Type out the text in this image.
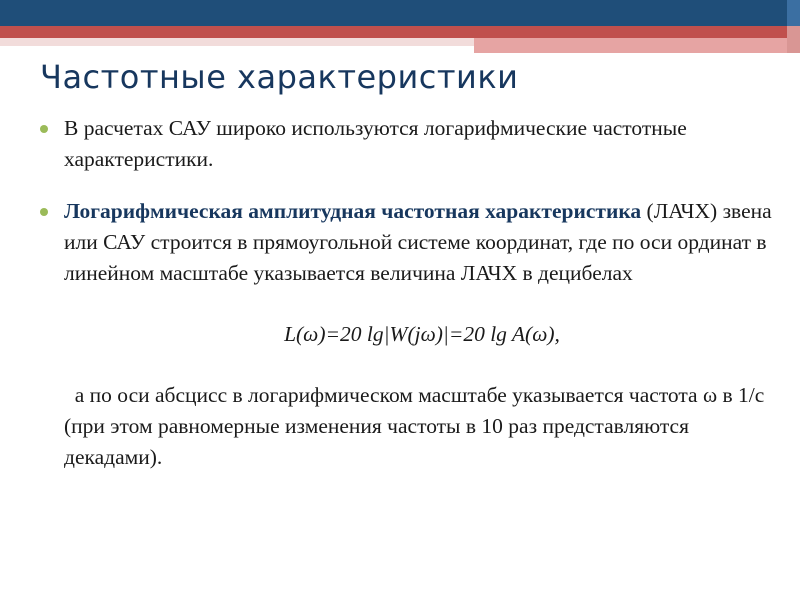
Частотные характеристики

В расчетах САУ широко используются логарифмические частотные характеристики.

Логарифмическая амплитудная частотная характеристика (ЛАЧХ) звена или САУ строится в прямоугольной системе координат, где по оси ординат в линейном масштабе указывается величина ЛАЧХ в децибелах

L(ω)=20 lg|W(jω)|=20 lg A(ω),

а по оси абсцисс в логарифмическом масштабе указывается частота ω в 1/с (при этом равномерные изменения частоты в 10 раз представляются декадами).
